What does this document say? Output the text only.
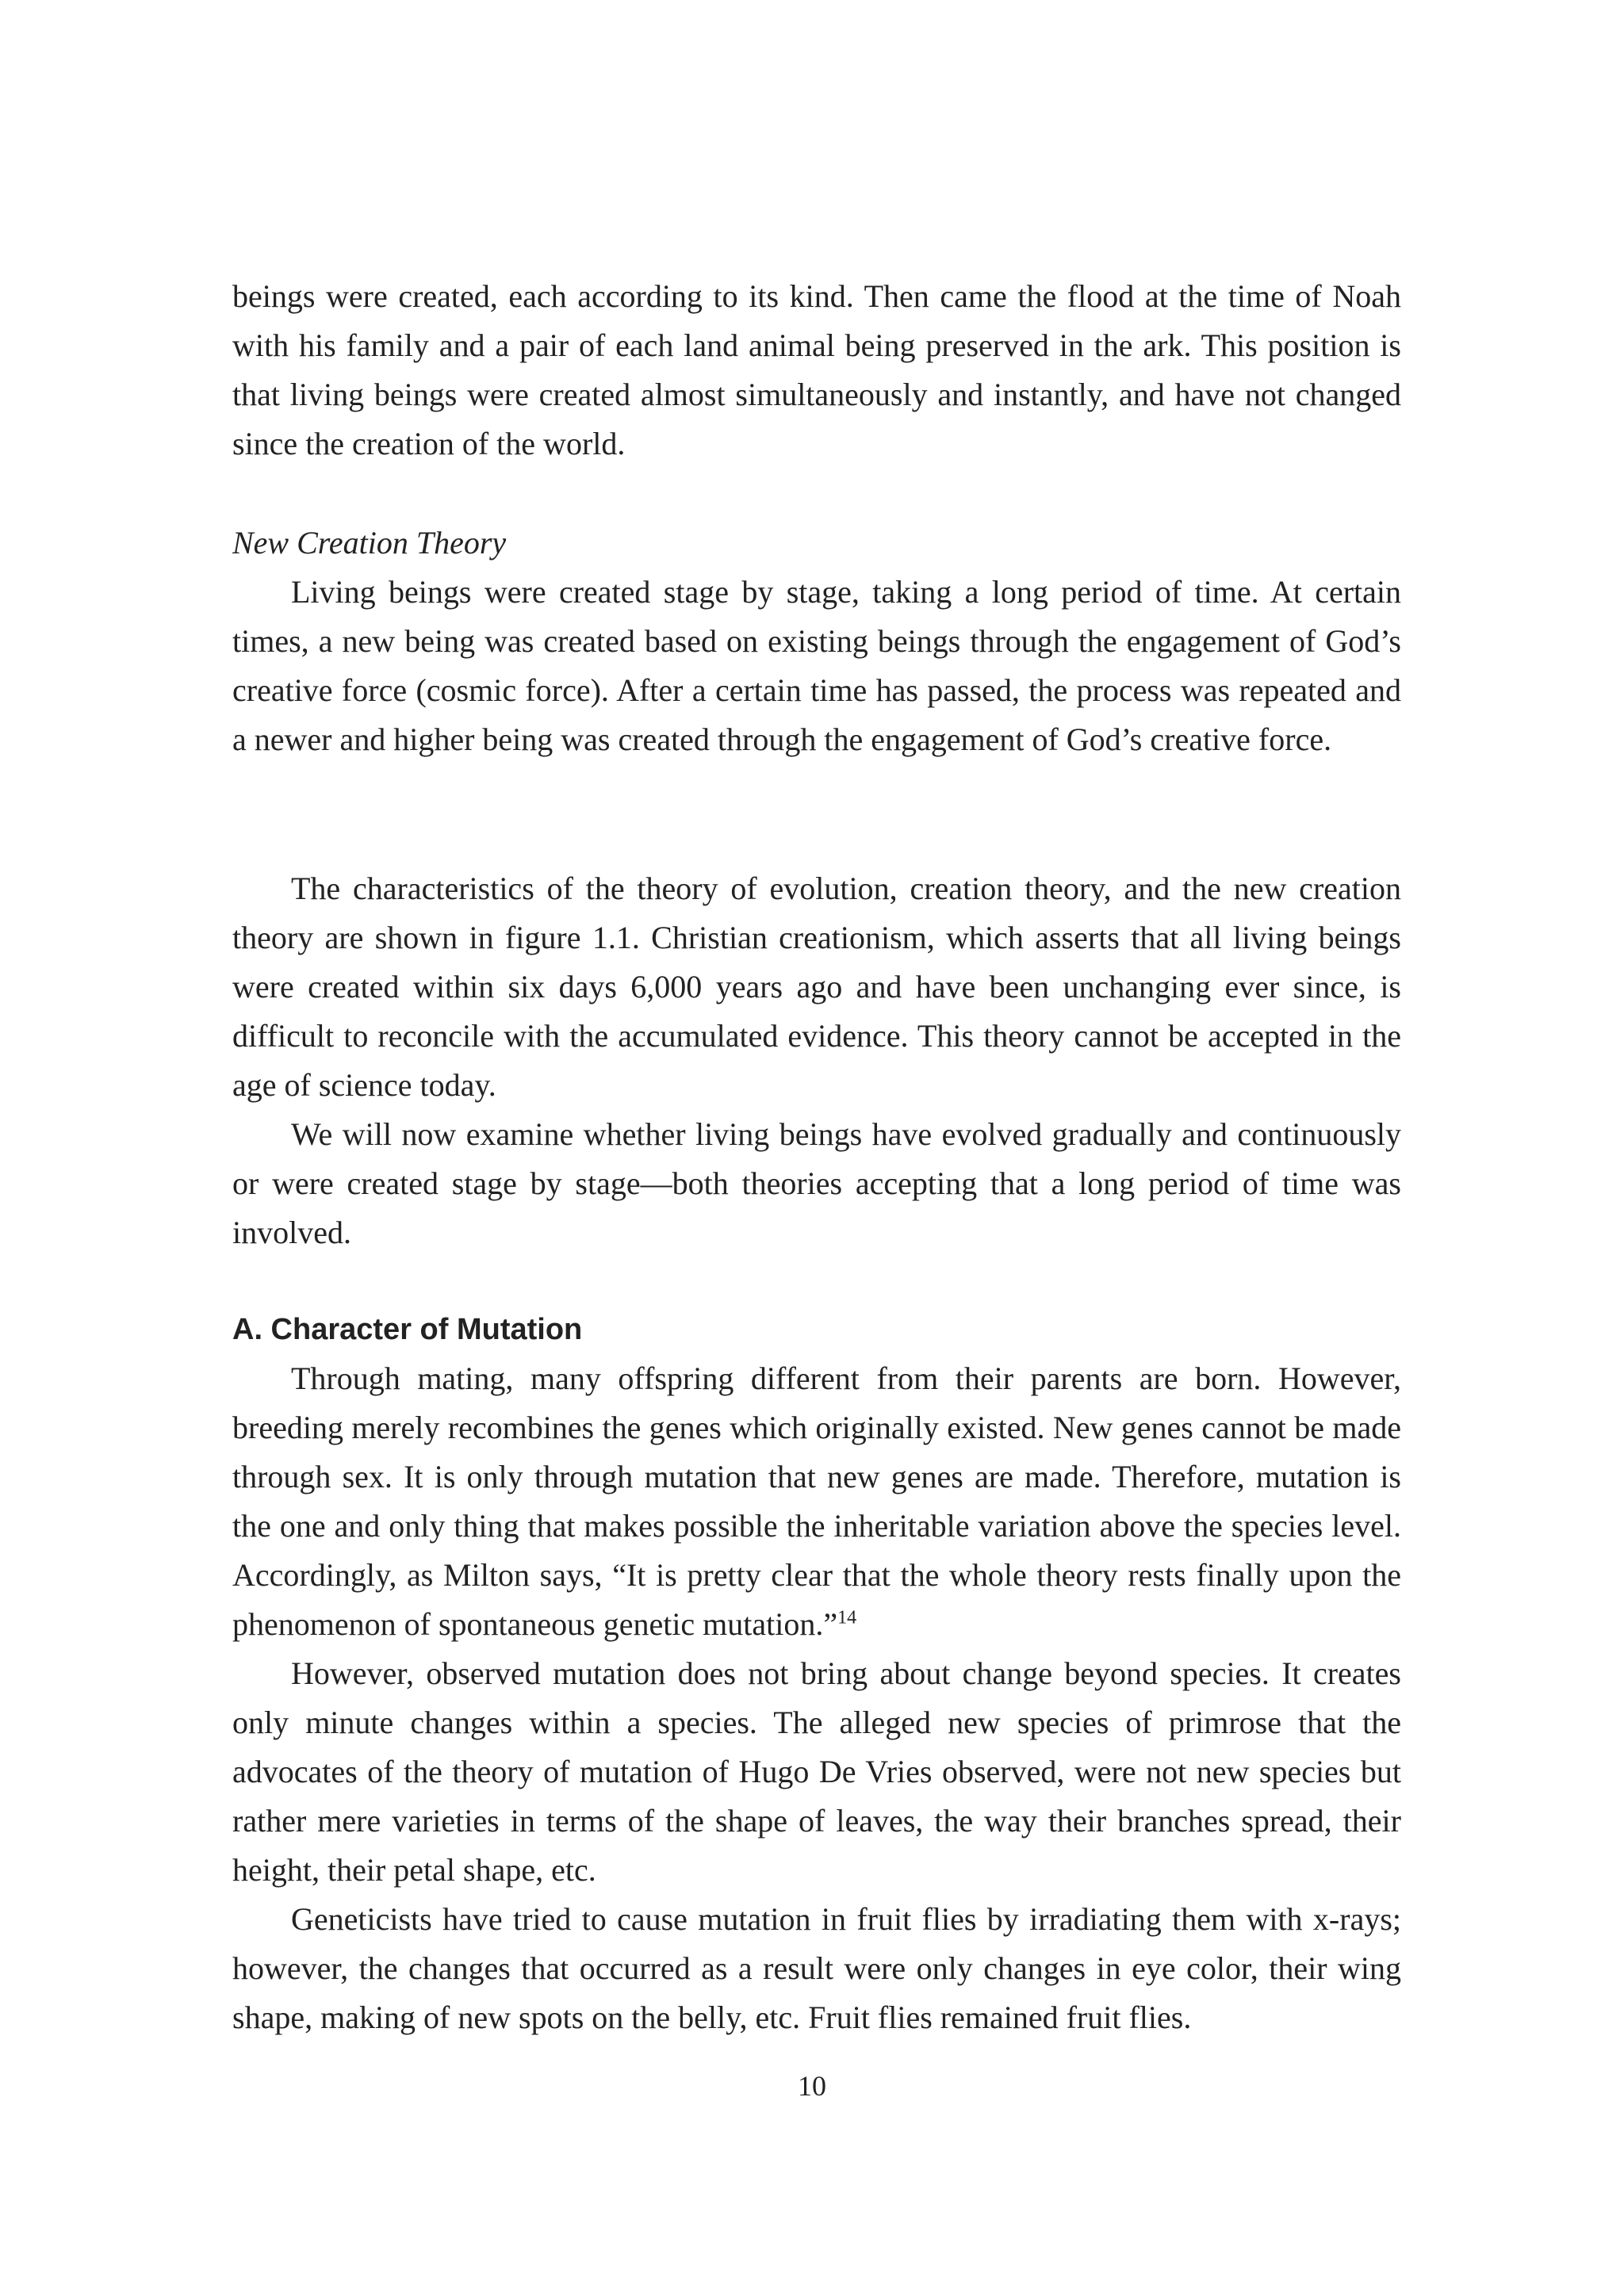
beings were created, each according to its kind. Then came the flood at the time of Noah with his family and a pair of each land animal being preserved in the ark. This position is that living beings were created almost simultaneously and instantly, and have not changed since the creation of the world.

New Creation Theory

Living beings were created stage by stage, taking a long period of time. At certain times, a new being was created based on existing beings through the engagement of God’s creative force (cosmic force). After a certain time has passed, the process was repeated and a newer and higher being was created through the engagement of God’s creative force.

The characteristics of the theory of evolution, creation theory, and the new creation theory are shown in figure 1.1. Christian creationism, which asserts that all living beings were created within six days 6,000 years ago and have been unchanging ever since, is difficult to reconcile with the accumulated evidence. This theory cannot be accepted in the age of science today.

We will now examine whether living beings have evolved gradually and continuously or were created stage by stage—both theories accepting that a long period of time was involved.

A. Character of Mutation

Through mating, many offspring different from their parents are born. However, breeding merely recombines the genes which originally existed. New genes cannot be made through sex. It is only through mutation that new genes are made. Therefore, mutation is the one and only thing that makes possible the inheritable variation above the species level. Accordingly, as Milton says, “It is pretty clear that the whole theory rests finally upon the phenomenon of spontaneous genetic mutation.”$^{14}$

However, observed mutation does not bring about change beyond species. It creates only minute changes within a species. The alleged new species of primrose that the advocates of the theory of mutation of Hugo De Vries observed, were not new species but rather mere varieties in terms of the shape of leaves, the way their branches spread, their height, their petal shape, etc.

Geneticists have tried to cause mutation in fruit flies by irradiating them with x-rays; however, the changes that occurred as a result were only changes in eye color, their wing shape, making of new spots on the belly, etc. Fruit flies remained fruit flies.

10
